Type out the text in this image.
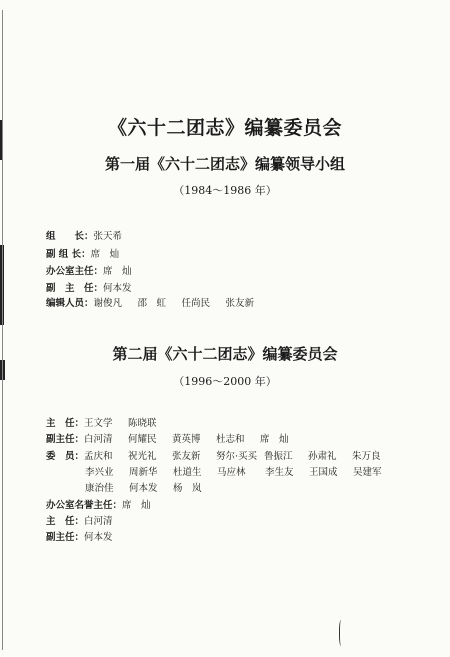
《六十二团志》编纂委员会
第一届《六十二团志》编纂领导小组
（1984～1986 年）
组　　长：张天希
副 组 长：席　灿
办公室主任：席　灿
副　主　任：何本发
编辑人员：谢俊凡 邵　虹 任尚民 张友新
第二届《六十二团志》编纂委员会
（1996～2000 年）
主　任：王文学 陈晓联
副主任：白河清 何耀民 黄英博 杜志和 席　灿
委　员：孟庆和 祝光礼 张友新 努尔·买买 鲁振江 孙肃礼 朱万良
李兴业 周新华 杜道生 马应林 李生友 王国成 吴建军
康治佳 何本发 杨　岚
办公室名誉主任：席　灿
主　任：白河清
副主任：何本发
